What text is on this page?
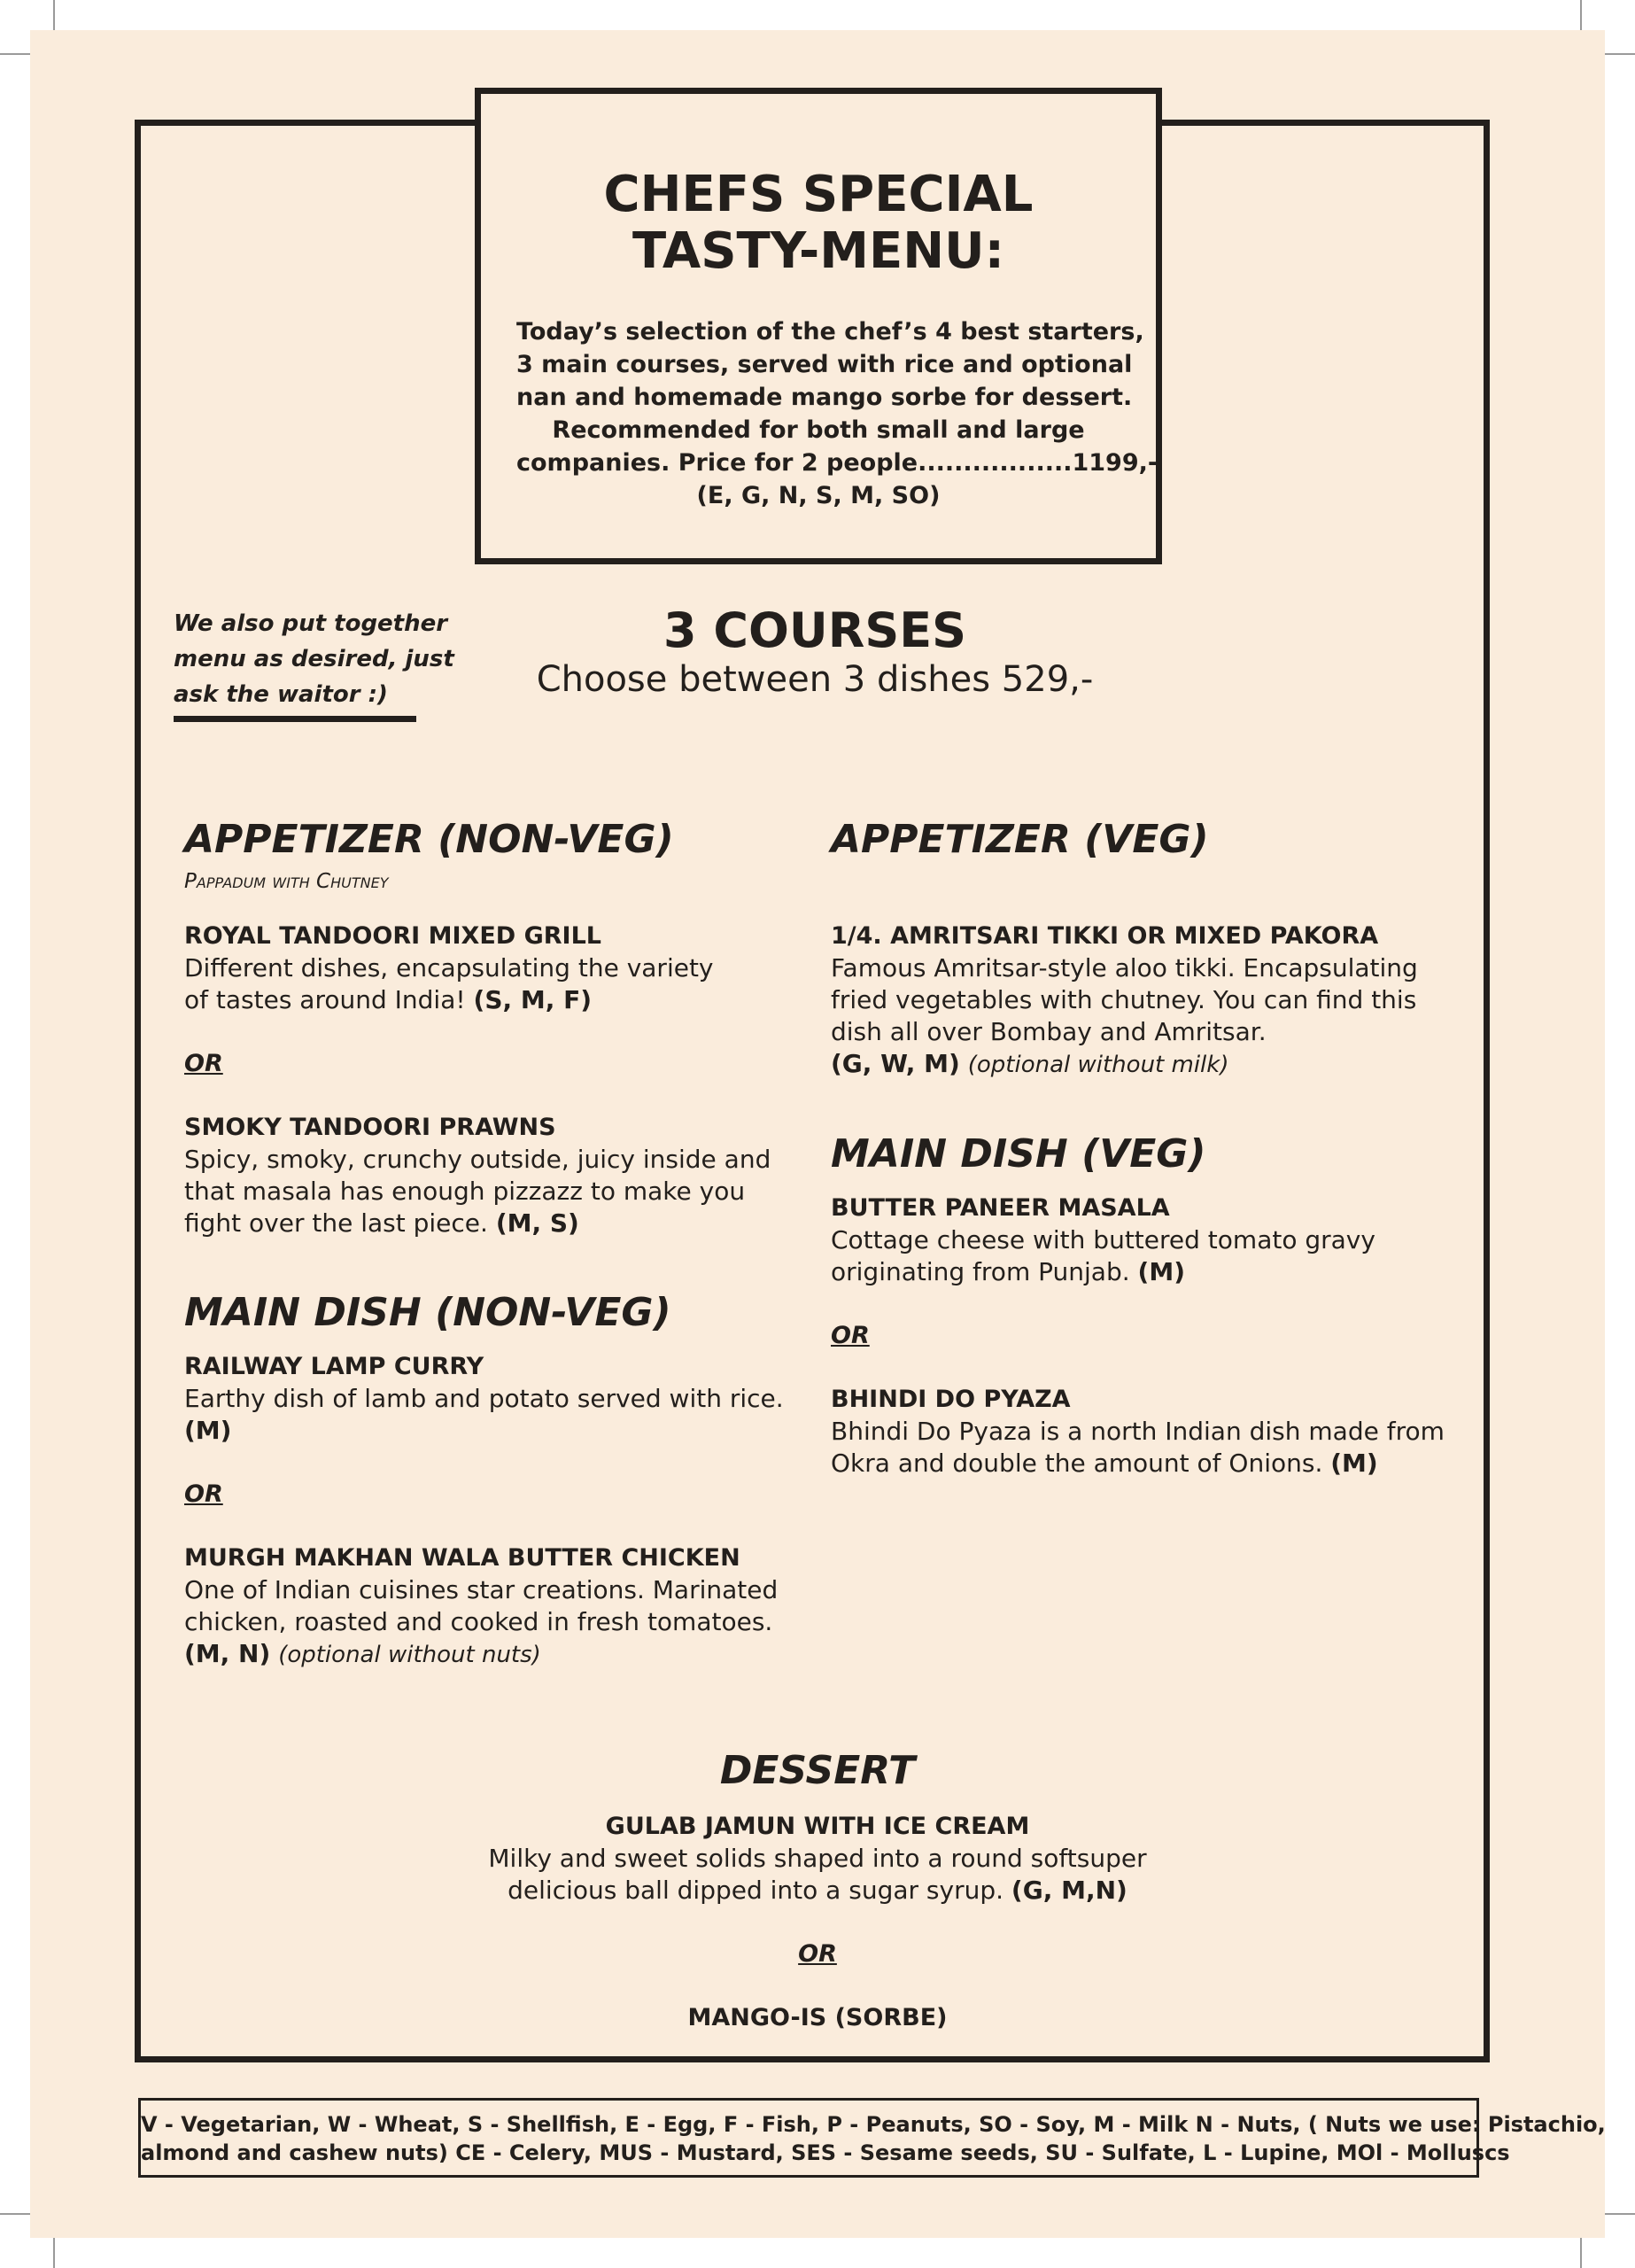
CHEFS SPECIAL
TASTY-MENU:

Today’s selection of the chef’s 4 best starters,
3 main courses, served with rice and optional
nan and homemade mango sorbe for dessert.
Recommended for both small and large
companies. Price for 2 people.................1199,-
(E, G, N, S, M, SO)

We also put together
menu as desired, just
ask the waitor :)
3 COURSES

Choose between 3 dishes 529,-

APPETIZER (NON-VEG)

Pappadum with Chutney

ROYAL TANDOORI MIXED GRILL

Different dishes, encapsulating the variety
of tastes around India! (S, M, F)

OR

SMOKY TANDOORI PRAWNS

Spicy, smoky, crunchy outside, juicy inside and
that masala has enough pizzazz to make you
fight over the last piece. (M, S)

MAIN DISH (NON-VEG)

RAILWAY LAMP CURRY

Earthy dish of lamb and potato served with rice.
(M)

OR

MURGH MAKHAN WALA BUTTER CHICKEN

One of Indian cuisines star creations. Marinated
chicken, roasted and cooked in fresh tomatoes.
(M, N) (optional without nuts)

APPETIZER (VEG)

1/4. AMRITSARI TIKKI OR MIXED PAKORA

Famous Amritsar-style aloo tikki. Encapsulating
fried vegetables with chutney. You can find this
dish all over Bombay and Amritsar.
(G, W, M) (optional without milk)

MAIN DISH (VEG)

BUTTER PANEER MASALA

Cottage cheese with buttered tomato gravy
originating from Punjab. (M)

OR

BHINDI DO PYAZA

Bhindi Do Pyaza is a north Indian dish made from
Okra and double the amount of Onions. (M)

DESSERT

GULAB JAMUN WITH ICE CREAM

Milky and sweet solids shaped into a round softsuper
delicious ball dipped into a sugar syrup. (G, M,N)

OR

MANGO-IS (SORBE)

V - Vegetarian, W - Wheat, S - Shellfish, E - Egg, F - Fish, P - Peanuts, SO - Soy, M - Milk N - Nuts, ( Nuts we use: Pistachio,
almond and cashew nuts) CE - Celery, MUS - Mustard, SES - Sesame seeds, SU - Sulfate, L - Lupine, MOl - Molluscs
